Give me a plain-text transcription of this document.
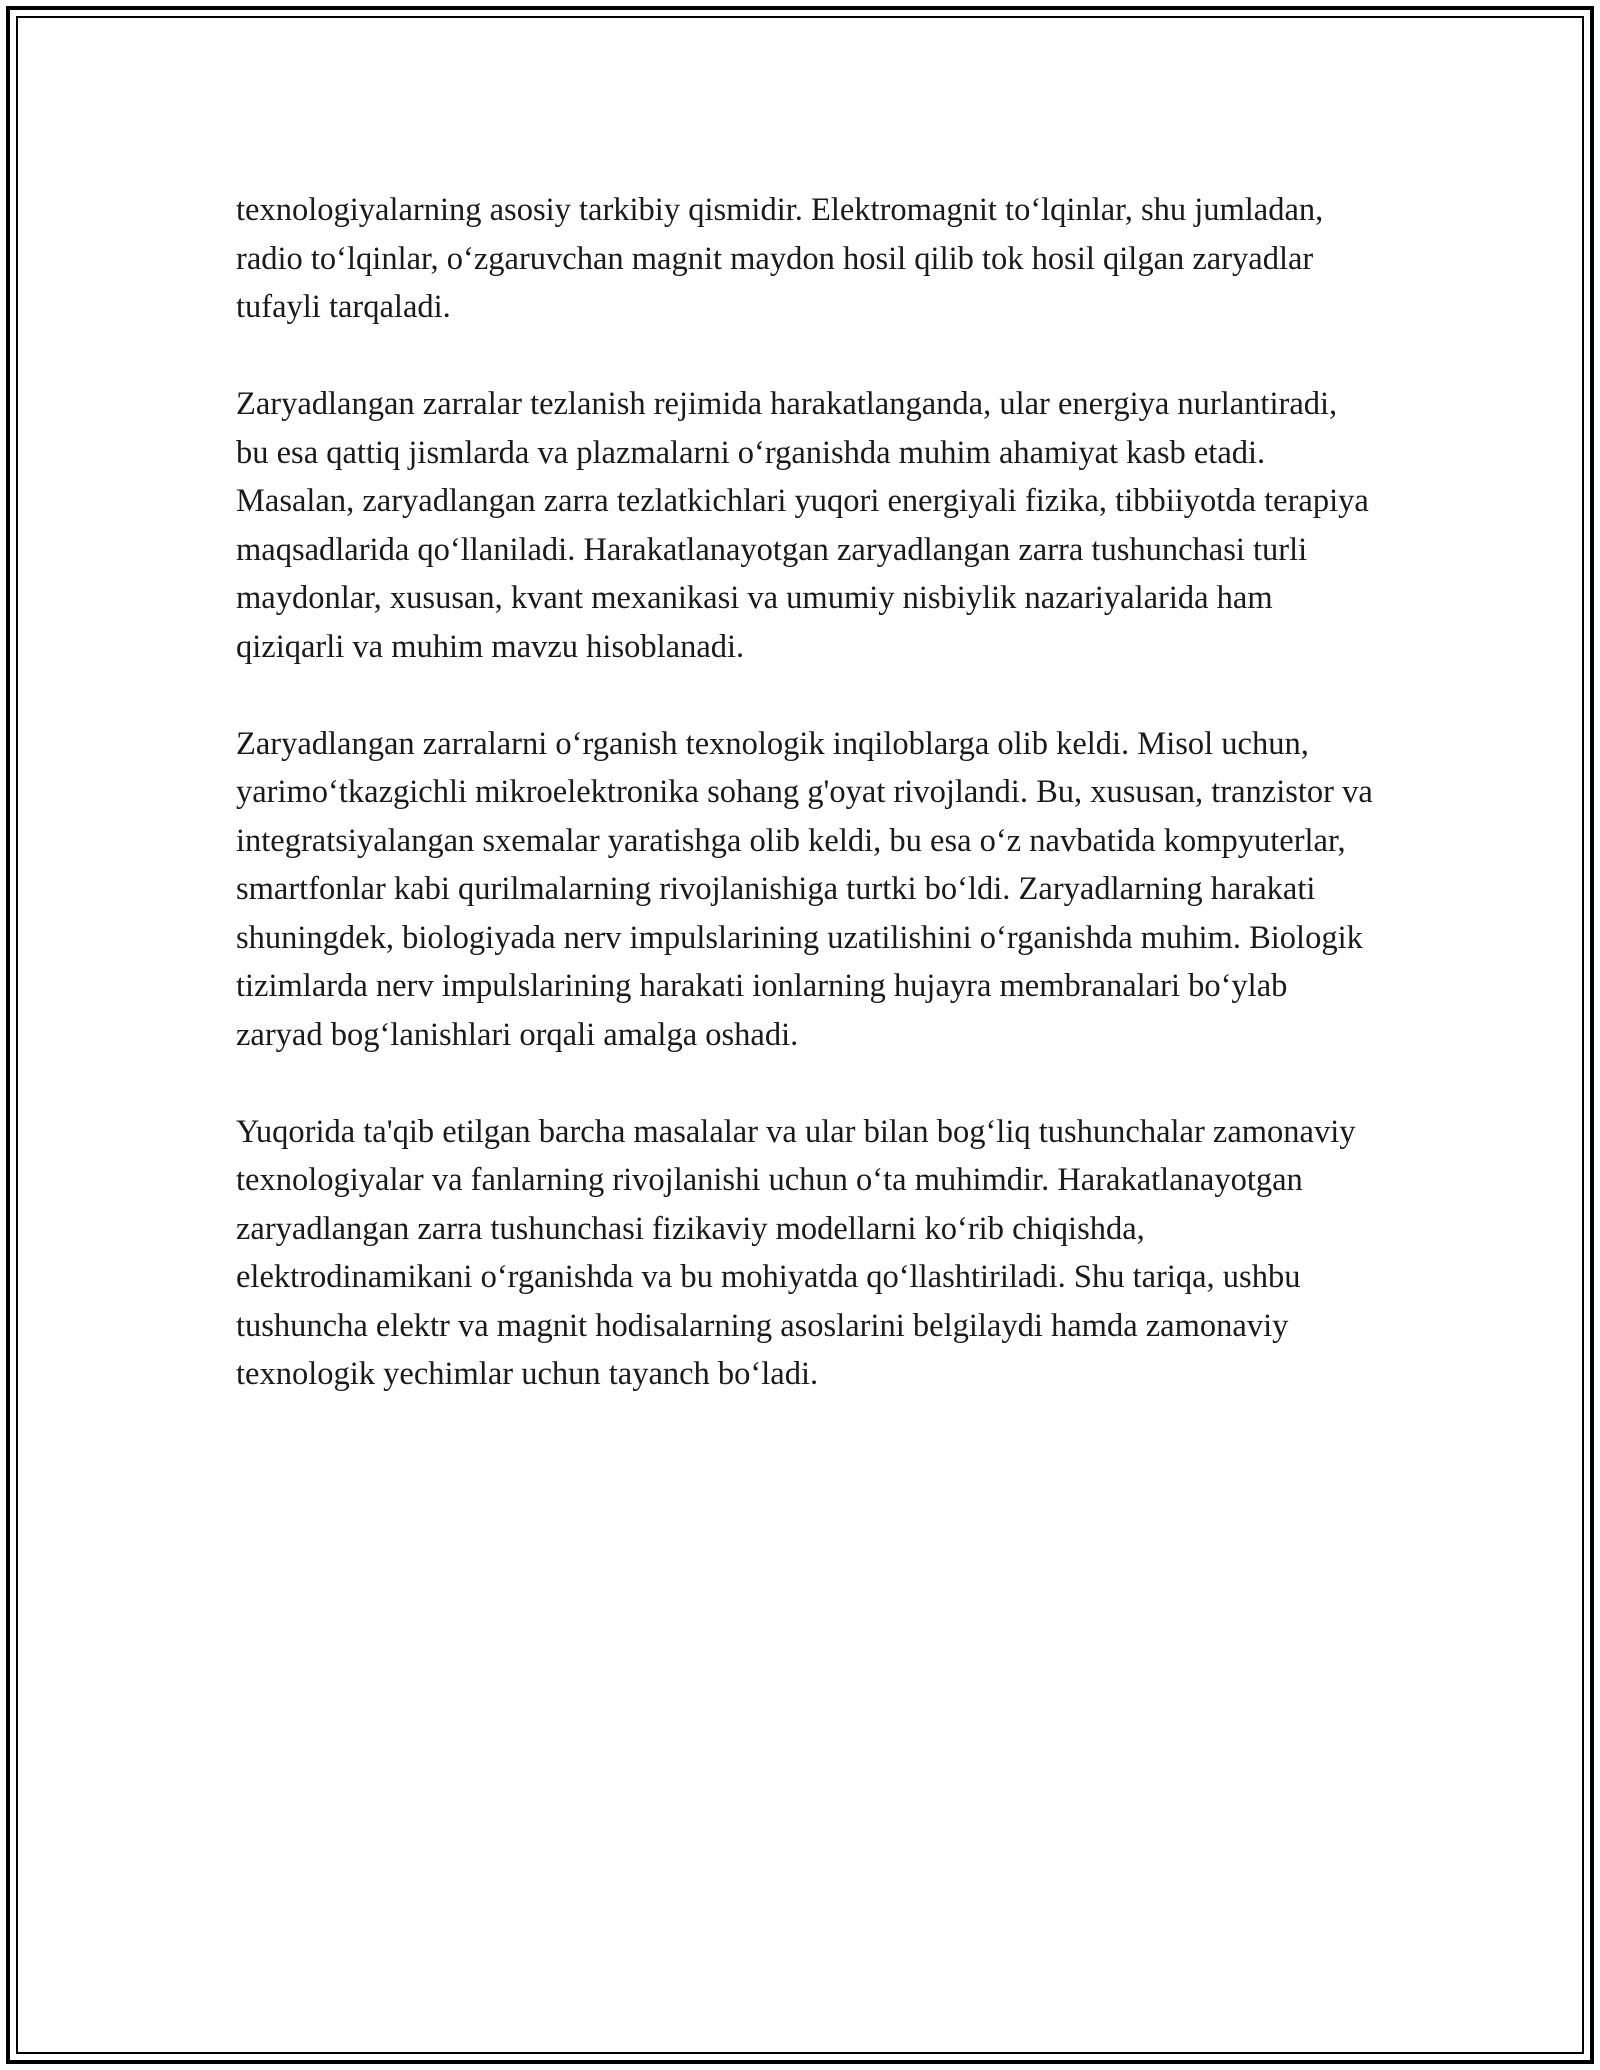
texnologiyalarning asosiy tarkibiy qismidir. Elektromagnit to‘lqinlar, shu jumladan, radio to‘lqinlar, o‘zgaruvchan magnit maydon hosil qilib tok hosil qilgan zaryadlar tufayli tarqaladi.

Zaryadlangan zarralar tezlanish rejimida harakatlanganda, ular energiya nurlantiradi, bu esa qattiq jismlarda va plazmalarni o‘rganishda muhim ahamiyat kasb etadi. Masalan, zaryadlangan zarra tezlatkichlari yuqori energiyali fizika, tibbiiyotda terapiya maqsadlarida qo‘llaniladi. Harakatlanayotgan zaryadlangan zarra tushunchasi turli maydonlar, xususan, kvant mexanikasi va umumiy nisbiylik nazariyalarida ham qiziqarli va muhim mavzu hisoblanadi.

Zaryadlangan zarralarni o‘rganish texnologik inqiloblarga olib keldi. Misol uchun, yarimo‘tkazgichli mikroelektronika sohang g'oyat rivojlandi. Bu, xususan, tranzistor va integratsiyalangan sxemalar yaratishga olib keldi, bu esa o‘z navbatida kompyuterlar, smartfonlar kabi qurilmalarning rivojlanishiga turtki bo‘ldi. Zaryadlarning harakati shuningdek, biologiyada nerv impulslarining uzatilishini o‘rganishda muhim. Biologik tizimlarda nerv impulslarining harakati ionlarning hujayra membranalari bo‘ylab zaryad bog‘lanishlari orqali amalga oshadi.

Yuqorida ta'qib etilgan barcha masalalar va ular bilan bog‘liq tushunchalar zamonaviy texnologiyalar va fanlarning rivojlanishi uchun o‘ta muhimdir. Harakatlanayotgan zaryadlangan zarra tushunchasi fizikaviy modellarni ko‘rib chiqishda, elektrodinamikani o‘rganishda va bu mohiyatda qo‘llashtiriladi. Shu tariqa, ushbu tushuncha elektr va magnit hodisalarning asoslarini belgilaydi hamda zamonaviy texnologik yechimlar uchun tayanch bo‘ladi.
